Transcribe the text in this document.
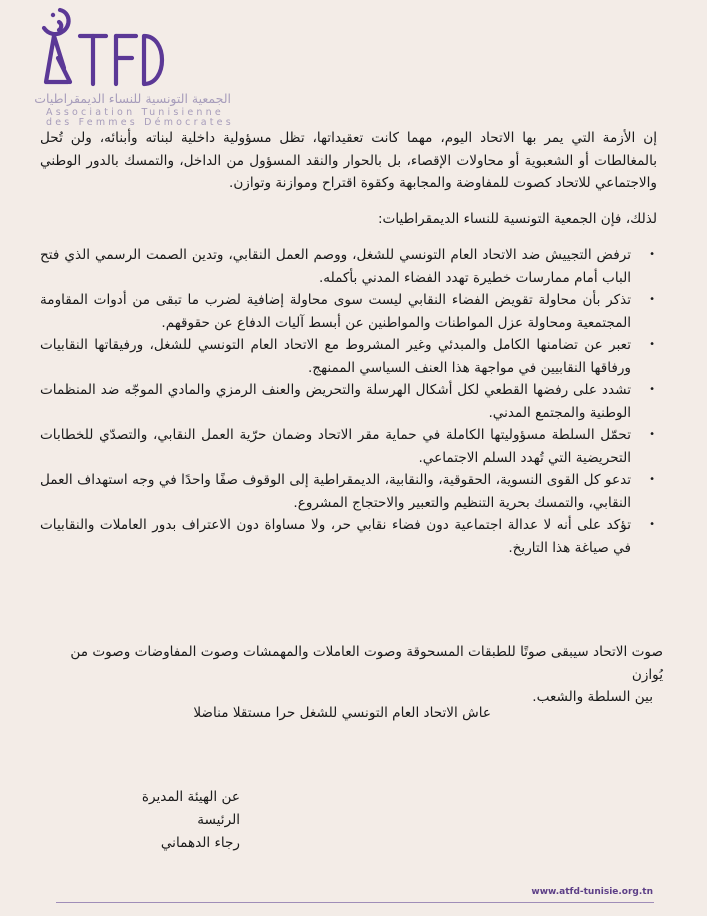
الجمعية التونسية للنساء الديمقراطيات
Association Tunisienne
des Femmes Démocrates

إن الأزمة التي يمر بها الاتحاد اليوم، مهما كانت تعقيداتها، تظل مسؤولية داخلية لبناته وأبنائه، ولن تُحل بالمغالطات أو الشعبوية أو محاولات الإقصاء، بل بالحوار والنقد المسؤول من الداخل، والتمسك بالدور الوطني والاجتماعي للاتحاد كصوت للمفاوضة والمجابهة وكقوة اقتراح وموازنة وتوازن.

لذلك، فإن الجمعية التونسية للنساء الديمقراطيات:

•
ترفض التجييش ضد الاتحاد العام التونسي للشغل، ووصم العمل النقابي، وتدين الصمت الرسمي الذي فتح الباب أمام ممارسات خطيرة تهدد الفضاء المدني بأكمله.
•
تذكر بأن محاولة تقويض الفضاء النقابي ليست سوى محاولة إضافية لضرب ما تبقى من أدوات المقاومة المجتمعية ومحاولة عزل المواطنات والمواطنين عن أبسط آليات الدفاع عن حقوقهم.
•
تعبر عن تضامنها الكامل والمبدئي وغير المشروط مع الاتحاد العام التونسي للشغل، ورفيقاتها النقابيات ورفاقها النقابيين في مواجهة هذا العنف السياسي الممنهج.
•
تشدد على رفضها القطعي لكل أشكال الهرسلة والتحريض والعنف الرمزي والمادي الموجّه ضد المنظمات الوطنية والمجتمع المدني.
•
تحمّل السلطة مسؤوليتها الكاملة في حماية مقر الاتحاد وضمان حرّية العمل النقابي، والتصدّي للخطابات التحريضية التي تُهدد السلم الاجتماعي.
•
تدعو كل القوى النسوية، الحقوقية، والنقابية، الديمقراطية إلى الوقوف صفًا واحدًا في وجه استهداف العمل النقابي، والتمسك بحرية التنظيم والتعبير والاحتجاج المشروع.
•
تؤكد على أنه لا عدالة اجتماعية دون فضاء نقابي حر، ولا مساواة دون الاعتراف بدور العاملات والنقابيات في صياغة هذا التاريخ.

صوت الاتحاد سيبقى صوتًا للطبقات المسحوقة وصوت العاملات والمهمشات وصوت المفاوضات وصوت من يُوازن

بين السلطة والشعب.

عاش الاتحاد العام التونسي للشغل حرا مستقلا مناضلا
عن الهيئة المديرة
الرئيسة
رجاء الدهماني
www.atfd-tunisie.org.tn
